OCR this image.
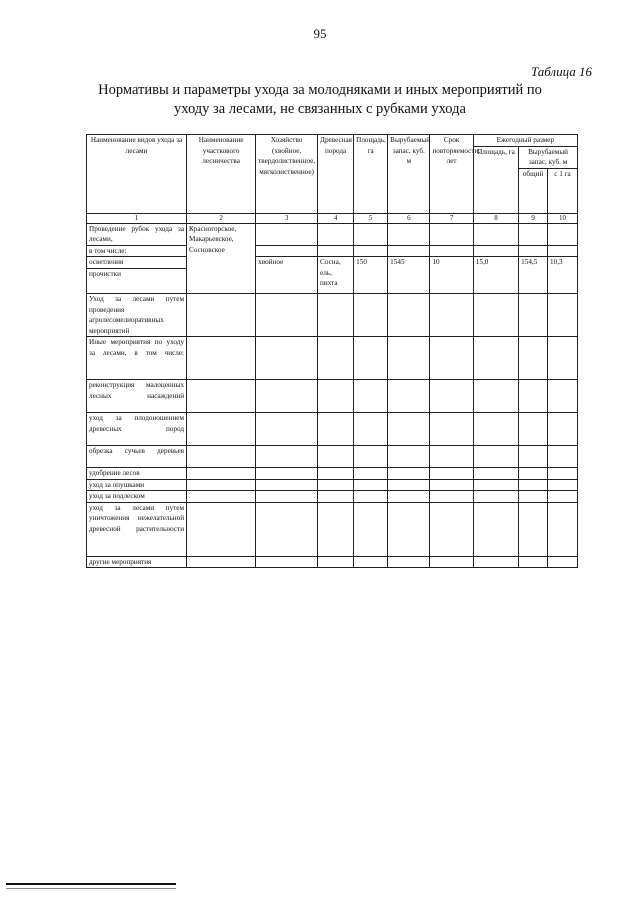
95
Таблица 16
Нормативы и параметры ухода за молодняками и иных мероприятий по
уходу за лесами, не связанных с рубками ухода
Наименование видов ухода за лесами	Наименование участкового лесничества	Хозяйство (хвойное, твердолиственное, мягколиственное)	Древесная порода	Площадь, га	Вырубаемый запас, куб. м	Срок повторяемости, лет	Ежегодный размер		
							Площадь, га	Вырубаемый запас, куб. м	
								общий	с 1 га
1	2	3	4	5	6	7	8	9	10
Проведение рубок ухода за лесами,	Красногорское, Макарьевское, Сосновское								
в том числе:									
осветления		хвойное	Сосна, ель, пихта	150	1545	10	15,0	154,5	10,3
прочистки									
Уход за лесами путем проведения агролесомелиоративных мероприятий									
Иные мероприятия по уходу за лесами, в том числе:									
реконструкция малоценных лесных насаждений									
уход за плодоношением древесных пород									
обрезка сучьев деревьев									
удобрение лесов									
уход за опушками									
уход за подлеском									
уход за лесами путем уничтожения нежелательной древесной растительности									
другие мероприятия									
